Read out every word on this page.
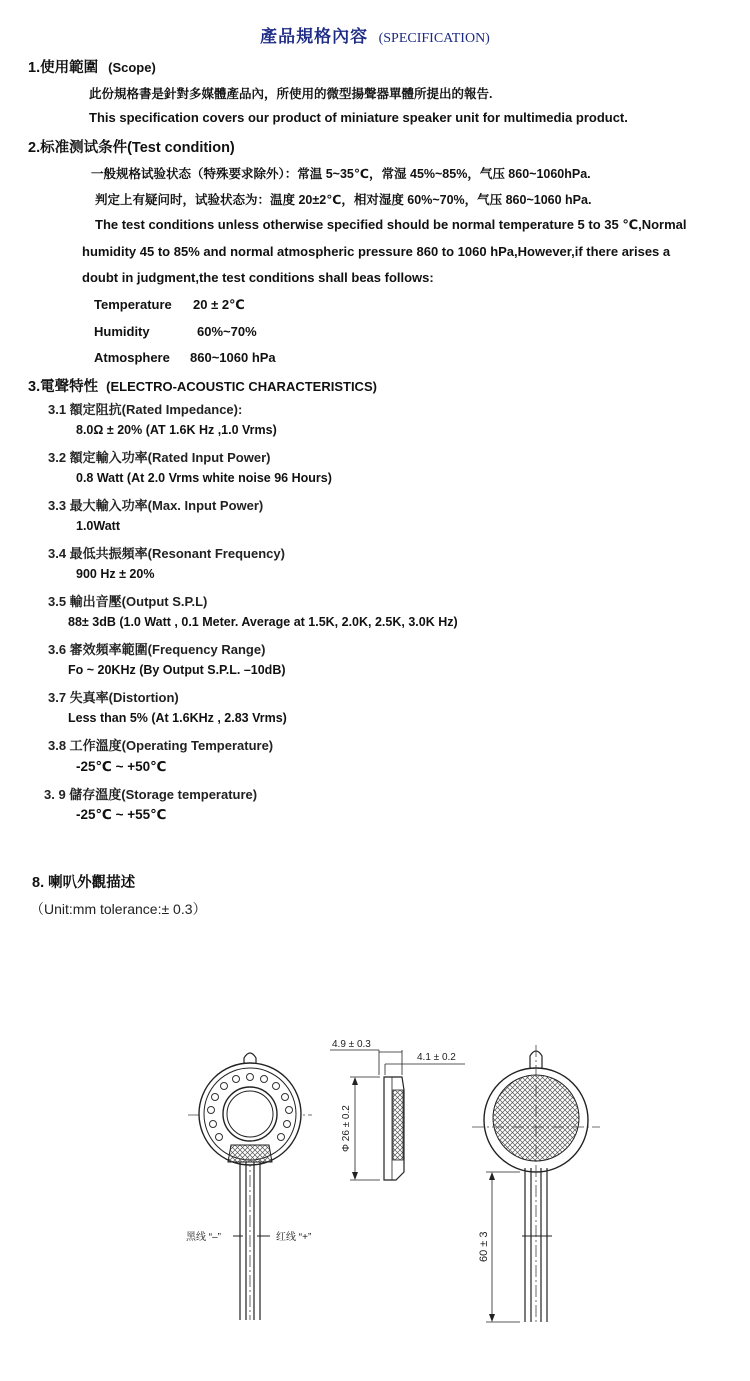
產品規格內容 (SPECIFICATION)
1.使用範圍 (Scope)
此份規格書是針對多媒體產品內，所使用的微型揚聲器單體所提出的報告.
This specification covers our product of miniature speaker unit for multimedia product.
2.标准测试条件(Test condition)
一般规格试验状态（特殊要求除外）：常温 5~35℃，常湿 45%~85%，气压 860~1060hPa.
判定上有疑问时，试验状态为：温度 20±2℃，相对湿度 60%~70%，气压 860~1060 hPa.
The test conditions unless otherwise specified should be normal temperature 5 to 35 ℃,Normal
humidity 45 to 85% and normal atmospheric pressure 860 to 1060 hPa,However,if there arises a
doubt in judgment,the test conditions shall beas follows:
Temperature 20 ± 2℃
Humidity	60%~70%
Atmosphere 860~1060 hPa
3.電聲特性 (ELECTRO-ACOUSTIC CHARACTERISTICS)
3.1 額定阻抗(Rated Impedance):
8.0Ω ± 20% (AT 1.6K Hz ,1.0 Vrms)
3.2 額定輸入功率(Rated Input Power)
0.8 Watt (At 2.0 Vrms white noise 96 Hours)
3.3 最大輸入功率(Max. Input Power)
1.0Watt
3.4 最低共振頻率(Resonant Frequency)
900 Hz ± 20%
3.5 輸出音壓(Output S.P.L)
88± 3dB (1.0 Watt , 0.1 Meter. Average at 1.5K, 2.0K, 2.5K, 3.0K Hz)
3.6 審效頻率範圍(Frequency Range)
Fo ~ 20KHz (By Output S.P.L. –10dB)
3.7 失真率(Distortion)
Less than 5% (At 1.6KHz , 2.83 Vrms)
3.8 工作溫度(Operating Temperature)
-25℃ ~ +50℃
3. 9 儲存溫度(Storage temperature)
-25℃ ~ +55℃
8. 喇叭外觀描述
（Unit:mm tolerance:± 0.3）
黑线 “–”	红线 “+”
4.9 ± 0.3
4.1 ± 0.2
Φ 26 ± 0.2
60 ± 3
